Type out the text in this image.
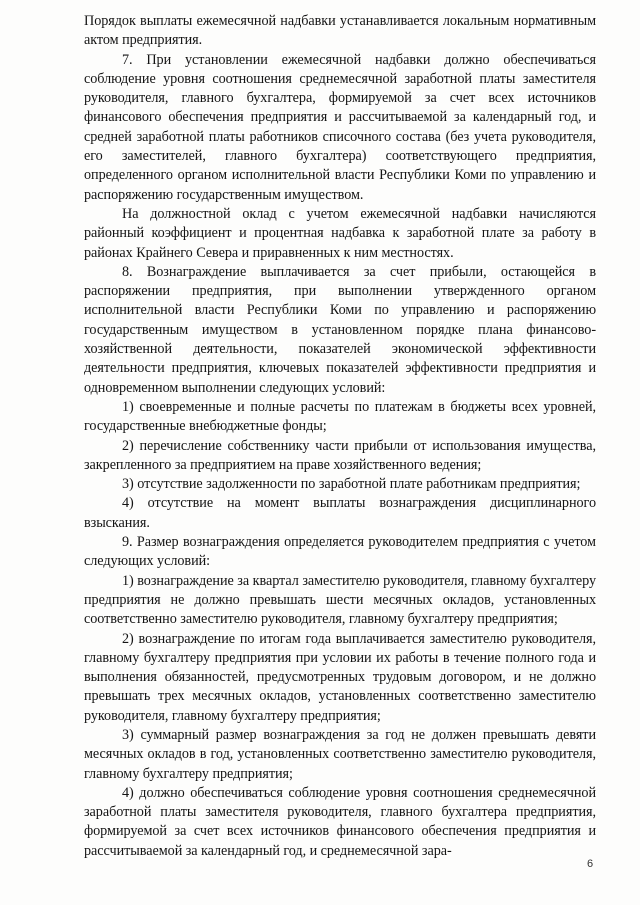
Порядок выплаты ежемесячной надбавки устанавливается локальным нормативным актом предприятия.

7. При установлении ежемесячной надбавки должно обеспечиваться соблюдение уровня соотношения среднемесячной заработной платы заместителя руководителя, главного бухгалтера, формируемой за счет всех источников финансового обеспечения предприятия и рассчитываемой за календарный год, и средней заработной платы работников списочного состава (без учета руководителя, его заместителей, главного бухгалтера) соответствующего предприятия, определенного органом исполнительной власти Республики Коми по управлению и распоряжению государственным имуществом.

На должностной оклад с учетом ежемесячной надбавки начисляются районный коэффициент и процентная надбавка к заработной плате за работу в районах Крайнего Севера и приравненных к ним местностях.

8. Вознаграждение выплачивается за счет прибыли, остающейся в распоряжении предприятия, при выполнении утвержденного органом исполнительной власти Республики Коми по управлению и распоряжению государственным имуществом в установленном порядке плана финансово-хозяйственной деятельности, показателей экономической эффективности деятельности предприятия, ключевых показателей эффективности предприятия и одновременном выполнении следующих условий:

1) своевременные и полные расчеты по платежам в бюджеты всех уровней, государственные внебюджетные фонды;

2) перечисление собственнику части прибыли от использования имущества, закрепленного за предприятием на праве хозяйственного ведения;

3) отсутствие задолженности по заработной плате работникам предприятия;

4) отсутствие на момент выплаты вознаграждения дисциплинарного взыскания.

9. Размер вознаграждения определяется руководителем предприятия с учетом следующих условий:

1) вознаграждение за квартал заместителю руководителя, главному бухгалтеру предприятия не должно превышать шести месячных окладов, установленных соответственно заместителю руководителя, главному бухгалтеру предприятия;

2) вознаграждение по итогам года выплачивается заместителю руководителя, главному бухгалтеру предприятия при условии их работы в течение полного года и выполнения обязанностей, предусмотренных трудовым договором, и не должно превышать трех месячных окладов, установленных соответственно заместителю руководителя, главному бухгалтеру предприятия;

3) суммарный размер вознаграждения за год не должен превышать девяти месячных окладов в год, установленных соответственно заместителю руководителя, главному бухгалтеру предприятия;

4) должно обеспечиваться соблюдение уровня соотношения среднемесячной заработной платы заместителя руководителя, главного бухгалтера предприятия, формируемой за счет всех источников финансового обеспечения предприятия и рассчитываемой за календарный год, и среднемесячной зара-

6
